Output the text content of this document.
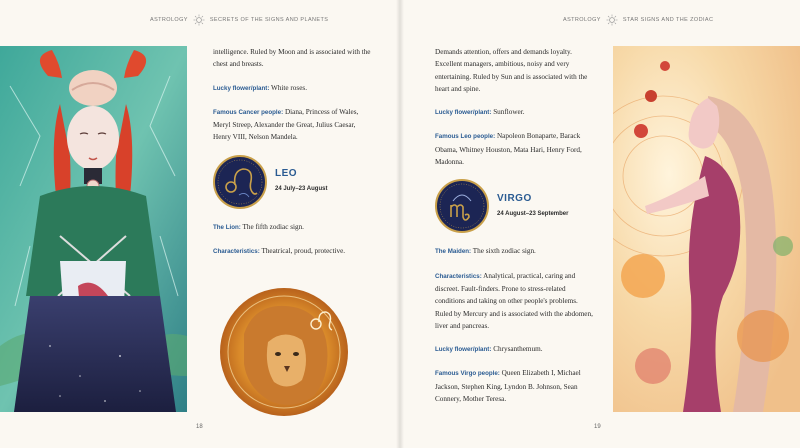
ASTROLOGY	SECRETS OF THE SIGNS AND PLANETS	ASTROLOGY	STAR SIGNS AND THE ZODIAC

intelligence. Ruled by Moon and is associated with the chest and breasts.

Lucky flower/plant: White roses.

Famous Cancer people: Diana, Princess of Wales, Meryl Streep, Alexander the Great, Julius Caesar, Henry VIII, Nelson Mandela.

LEO
24 July–23 August

The Lion: The fifth zodiac sign.

Characteristics: Theatrical, proud, protective.

Demands attention, offers and demands loyalty. Excellent managers, ambitious, noisy and very entertaining. Ruled by Sun and is associated with the heart and spine.

Lucky flower/plant: Sunflower.

Famous Leo people: Napoleon Bonaparte, Barack Obama, Whitney Houston, Mata Hari, Henry Ford, Madonna.

VIRGO
24 August–23 September

The Maiden: The sixth zodiac sign.

Characteristics: Analytical, practical, caring and discreet. Fault-finders. Prone to stress-related conditions and taking on other people's problems. Ruled by Mercury and is associated with the abdomen, liver and pancreas.

Lucky flower/plant: Chrysanthemum.

Famous Virgo people: Queen Elizabeth I, Michael Jackson, Stephen King, Lyndon B. Johnson, Sean Connery, Mother Teresa.

18	19
